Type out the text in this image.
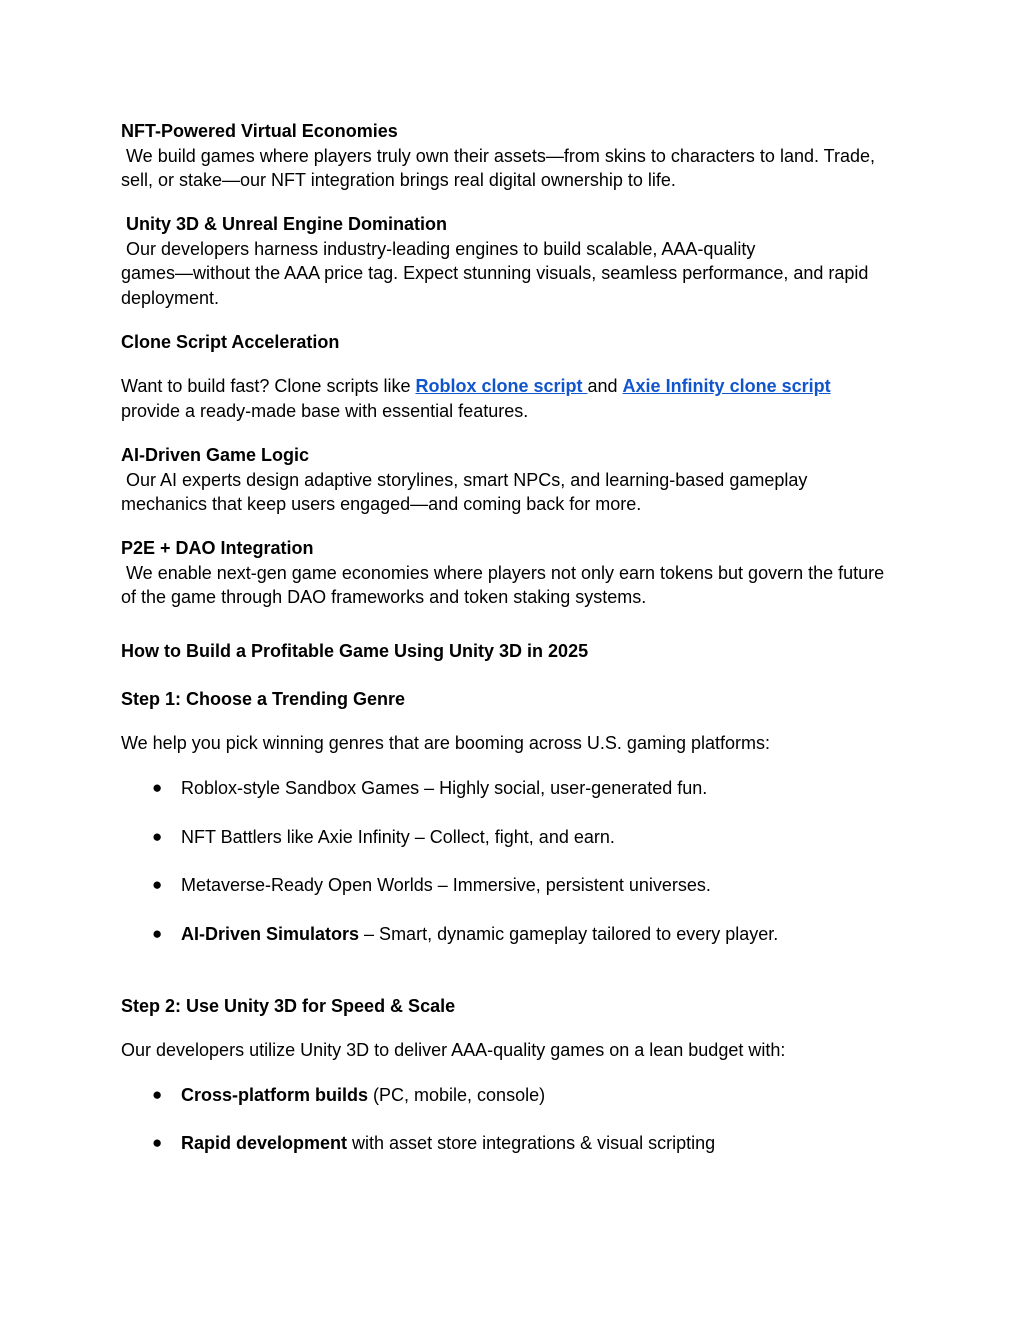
NFT-Powered Virtual Economies
We build games where players truly own their assets—from skins to characters to land. Trade,
sell, or stake—our NFT integration brings real digital ownership to life.
Unity 3D & Unreal Engine Domination
Our developers harness industry-leading engines to build scalable, AAA-quality
games—without the AAA price tag. Expect stunning visuals, seamless performance, and rapid
deployment.
Clone Script Acceleration
Want to build fast? Clone scripts like Roblox clone script and Axie Infinity clone script
provide a ready-made base with essential features.
AI-Driven Game Logic
Our AI experts design adaptive storylines, smart NPCs, and learning-based gameplay
mechanics that keep users engaged—and coming back for more.
P2E + DAO Integration
We enable next-gen game economies where players not only earn tokens but govern the future
of the game through DAO frameworks and token staking systems.
How to Build a Profitable Game Using Unity 3D in 2025
Step 1: Choose a Trending Genre
We help you pick winning genres that are booming across U.S. gaming platforms:
● Roblox-style Sandbox Games – Highly social, user-generated fun.
● NFT Battlers like Axie Infinity – Collect, fight, and earn.
● Metaverse-Ready Open Worlds – Immersive, persistent universes.
● AI-Driven Simulators – Smart, dynamic gameplay tailored to every player.
Step 2: Use Unity 3D for Speed & Scale
Our developers utilize Unity 3D to deliver AAA-quality games on a lean budget with:
● Cross-platform builds (PC, mobile, console)
● Rapid development with asset store integrations & visual scripting
